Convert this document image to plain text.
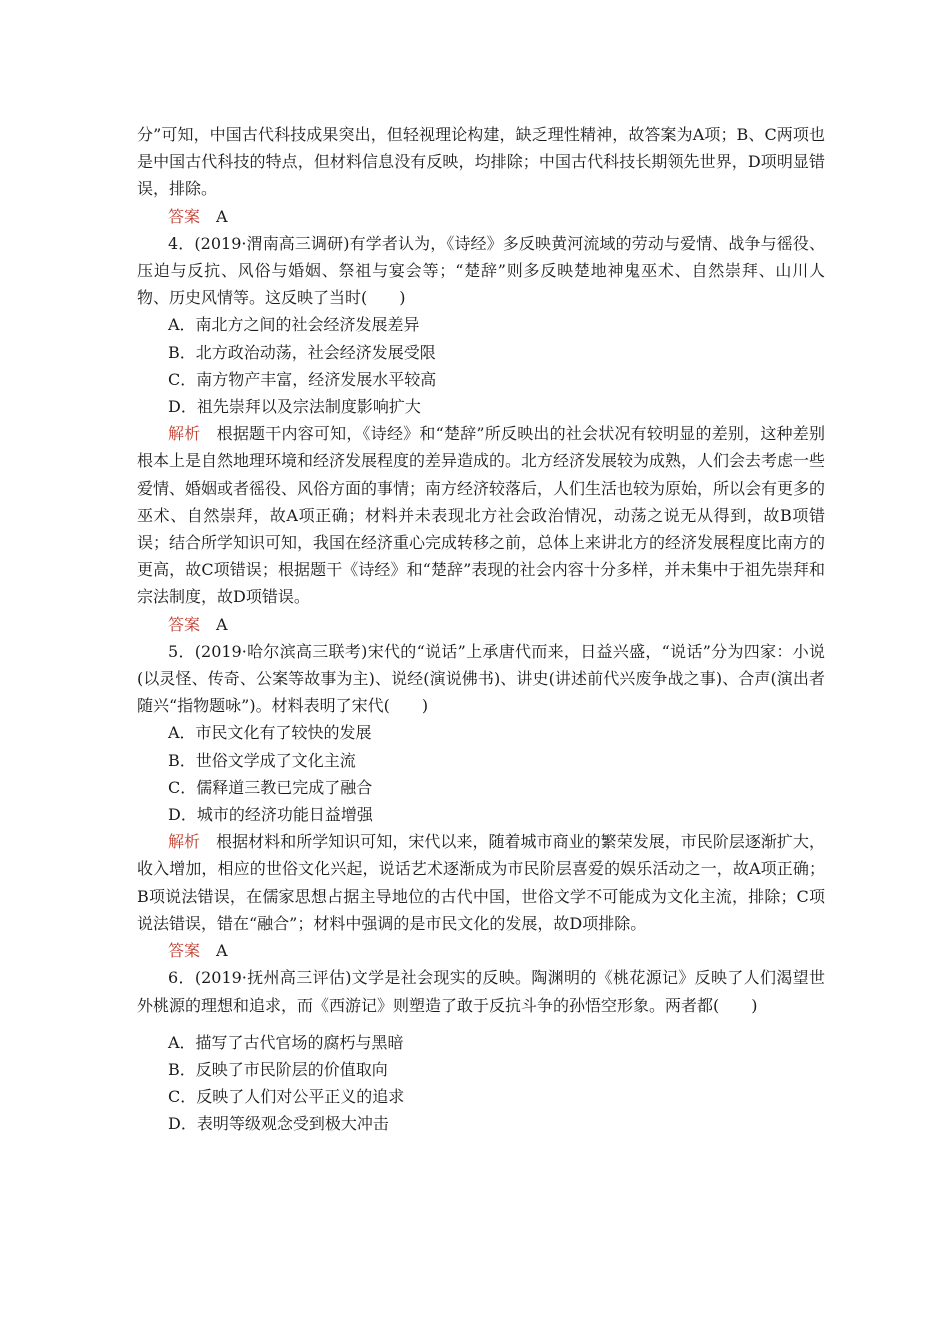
分”可知，中国古代科技成果突出，但轻视理论构建，缺乏理性精神，故答案为A项；B、C两项也是中国古代科技的特点，但材料信息没有反映，均排除；中国古代科技长期领先世界，D项明显错误，排除。

答案　 A

4．(2019·渭南高三调研)有学者认为，《诗经》多反映黄河流域的劳动与爱情、战争与徭役、压迫与反抗、风俗与婚姻、祭祖与宴会等；“楚辞”则多反映楚地神鬼巫术、自然崇拜、山川人物、历史风情等。这反映了当时(　　)

A．南北方之间的社会经济发展差异

B．北方政治动荡，社会经济发展受限

C．南方物产丰富，经济发展水平较高

D．祖先崇拜以及宗法制度影响扩大

解析　 根据题干内容可知，《诗经》和“楚辞”所反映出的社会状况有较明显的差别，这种差别根本上是自然地理环境和经济发展程度的差异造成的。北方经济发展较为成熟，人们会去考虑一些爱情、婚姻或者徭役、风俗方面的事情；南方经济较落后，人们生活也较为原始，所以会有更多的巫术、自然崇拜，故A项正确；材料并未表现北方社会政治情况，动荡之说无从得到，故B项错误；结合所学知识可知，我国在经济重心完成转移之前，总体上来讲北方的经济发展程度比南方的更高，故C项错误；根据题干《诗经》和“楚辞”表现的社会内容十分多样，并未集中于祖先崇拜和宗法制度，故D项错误。

答案　 A

5．(2019·哈尔滨高三联考)宋代的“说话”上承唐代而来，日益兴盛，“说话”分为四家：小说(以灵怪、传奇、公案等故事为主)、说经(演说佛书)、讲史(讲述前代兴废争战之事)、合声(演出者随兴“指物题咏”)。材料表明了宋代(　　)

A．市民文化有了较快的发展

B．世俗文学成了文化主流

C．儒释道三教已完成了融合

D．城市的经济功能日益增强

解析　 根据材料和所学知识可知，宋代以来，随着城市商业的繁荣发展，市民阶层逐渐扩大，收入增加，相应的世俗文化兴起，说话艺术逐渐成为市民阶层喜爱的娱乐活动之一，故A项正确；B项说法错误，在儒家思想占据主导地位的古代中国，世俗文学不可能成为文化主流，排除；C项说法错误，错在“融合”；材料中强调的是市民文化的发展，故D项排除。

答案　 A

6．(2019·抚州高三评估)文学是社会现实的反映。陶渊明的《桃花源记》反映了人们渴望世外桃源的理想和追求，而《西游记》则塑造了敢于反抗斗争的孙悟空形象。两者都(　　)

A．描写了古代官场的腐朽与黑暗

B．反映了市民阶层的价值取向

C．反映了人们对公平正义的追求

D．表明等级观念受到极大冲击
